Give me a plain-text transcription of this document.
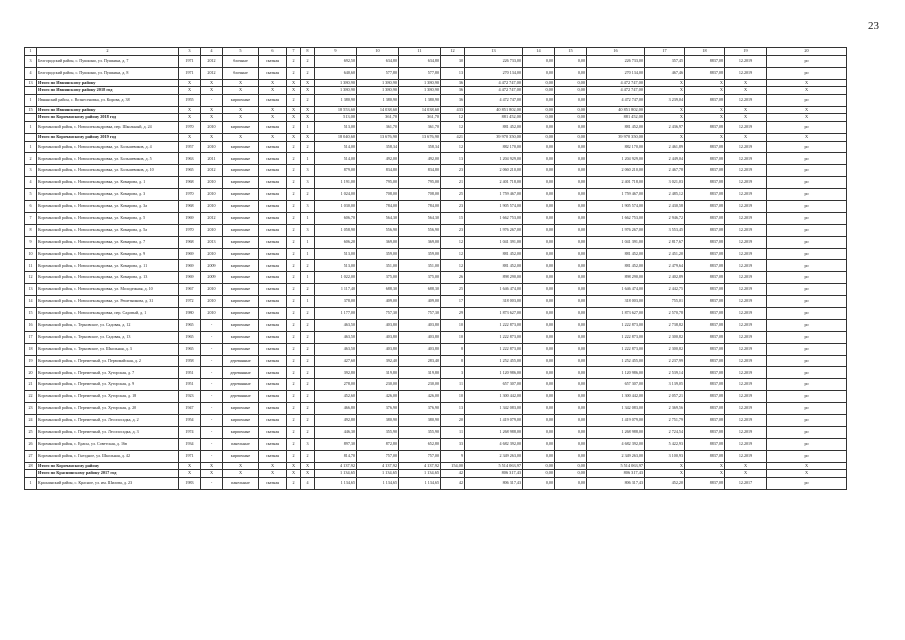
23
1	2	3	4	5	6	7	8	9	10	11	12	13	14	15	16	17	18	19	20
3	Белгородский район, с. Пушкино, ул. Пушкина, д. 7	1971	2012	блочные	скатная	2	2	692,50	634,80	634,80	30	226 733,00	0,00	0,00	226 733,00	357,45	8837,08	12.2019	ро
4	Белгородский район, с. Пушкино, ул. Пушкина, д. 8	1971	2012	блочные	скатная	2	2	640,60	577,80	577,80	13	270 134,00	0,00	0,00	270 134,00	467,46	8837,08	12.2019	ро
13	Итого по Ивнянскому району	X	X	X	X	X	X	1 380,90	1 380,90	1 380,90	36	4 472 747,00	0,00	0,00	4 472 747,00	X	X	X	X
	Итого по Ивнянскому району 2018 год	X	X	X	X	X	X	1 380,90	1 380,90	1 380,90	36	4 472 747,00	0,00	0,00	4 472 747,00	X	X	X	X
1	Ивнянский район, с. Вознесеновка, ул. Кирова, д. 38	1955	-	кирпичные	скатная	2	2	1 380,90	1 380,90	1 380,90	36	4 472 747,00	0,00	0,00	4 472 747,00	3 239,04	8837,08	12.2019	ро
15	Итого по Ивнянскому району	X	X	X	X	X	X	18 553,60	14 038,60	14 038,60	433	40 851 802,00	0,00	0,00	40 851 802,00	X	X	X	X
	Итого по Корочанскому району 2018 год	X	X	X	X	X	X	513,00	361,70	361,70	12	881 452,00	0,00	0,00	881 452,00	X	X	X	X
1	Корочанский район, с. Новоалександровка, пер. Школьный, д. 24	1970	2010	кирпичные	скатная	2	1	513,00	361,70	361,70	12	881 452,00	0,00	0,00	881 452,00	2 436,97	8837,08	12.2019	ро
	Итого по Корочанскому району 2019 год	X	X	X	X	X	X	18 040,60	13 676,90	13 676,90	421	39 970 350,00	0,00	0,00	39 970 350,00	X	X	X	X
1	Корочанский район, с. Новоалександровка, ул. Большевиков, д. 4	1957	2010	кирпичные	скатная	2	2	514,00	358,34	358,34	12	882 170,00	0,00	0,00	882 170,00	2 461,89	8837,08	12.2019	ро
2	Корочанский район, с. Новоалександровка, ул. Большевиков, д. 5	1963	2011	кирпичные	скатная	2	1	514,00	492,00	492,00	13	1 204 929,00	0,00	0,00	1 204 929,00	2 449,04	8837,08	12.2019	ро
3	Корочанский район, с. Новоалександровка, ул. Большевиков, д. 10	1965	2012	кирпичные	скатная	2	3	879,00	834,80	834,80	23	2 060 210,00	0,00	0,00	2 060 210,00	2 467,78	8837,08	12.2019	ро
4	Корочанский район, с. Новоалександровка, ул. Комарова, д. 1	1968	2010	кирпичные	скатная	2	3	1 191,00	795,00	795,00	21	2 401 718,00	0,00	0,00	2 401 718,00	3 021,03	8837,08	12.2019	ро
5	Корочанский район, с. Новоалександровка, ул. Комарова, д. 3	1970	2010	кирпичные	скатная	2	2	1 024,00	708,00	708,00	25	1 759 467,00	0,00	0,00	1 759 467,00	2 485,12	8837,08	12.2019	ро
6	Корочанский район, с. Новоалександровка, ул. Комарова, д. 3а	1968	2010	кирпичные	скатная	2	3	1 030,00	784,00	784,00	23	1 905 574,00	0,00	0,00	1 905 574,00	2 430,58	8837,08	12.2019	ро
7	Корочанский район, с. Новоалександровка, ул. Комарова, д. 5	1969	2012	кирпичные	скатная	2	1	606,70	564,30	564,30	15	1 662 753,00	0,00	0,00	1 662 753,00	2 946,72	8837,08	12.2019	ро
8	Корочанский район, с. Новоалександровка, ул. Комарова, д. 5а	1970	2010	кирпичные	скатная	2	3	1 058,90	556,90	556,90	23	1 976 267,00	0,00	0,00	1 976 267,00	3 553,45	8837,08	12.2019	ро
9	Корочанский район, с. Новоалександровка, ул. Комарова, д. 7	1968	2013	кирпичные	скатная	2	1	606,20	369,00	369,00	12	1 041 391,00	0,00	0,00	1 041 391,00	2 817,67	8837,08	12.2019	ро
10	Корочанский район, с. Новоалександровка, ул. Комарова, д. 9	1969	2010	кирпичные	скатная	2	1	513,00	359,00	359,00	12	881 452,00	0,00	0,00	881 452,00	2 451,20	8837,08	12.2019	ро
11	Корочанский район, с. Новоалександровка, ул. Комарова, д. 11	1969	2009	кирпичные	скатная	2	2	513,00	351,00	351,00	12	881 452,00	0,00	0,00	881 452,00	2 479,64	8837,08	12.2019	ро
12	Корочанский район, с. Новоалександровка, ул. Комарова, д. 13	1969	2009	кирпичные	скатная	2	1	1 022,00	375,00	375,00	26	898 290,00	0,00	0,00	898 290,00	2 402,89	8837,08	12.2019	ро
13	Корочанский район, с. Новоалександровка, ул. Молодежная, д. 10	1967	2010	кирпичные	скатная	2	2	1 117,40	688,30	688,30	25	1 646 474,00	0,00	0,00	1 646 474,00	2 442,75	8837,08	12.2019	ро
14	Корочанский район, с. Новоалександровка, ул. Решетникова, д. 31	1972	2010	кирпичные	скатная	2	1	378,00	409,00	409,00	17	318 003,00	0,00	0,00	318 003,00	755,01	8837,08	12.2019	ро
15	Корочанский район, с. Новоалександровка, пер. Садовый, д. 1	1980	2010	кирпичные	скатная	2	2	1 177,00	757,30	757,30	29	1 873 627,00	0,00	0,00	1 873 627,00	2 570,78	8837,08	12.2019	ро
16	Корочанский район, с. Терновское, ул. Садовая, д. 12	1965	-	кирпичные	скатная	2	2	463,50	403,80	403,80	10	1 222 873,00	0,00	0,00	1 222 873,00	2 738,82	8837,08	12.2019	ро
17	Корочанский район, с. Терновское, ул. Садовая, д. 13	1965	-	кирпичные	скатная	2	2	463,50	403,80	403,80	10	1 222 873,00	0,00	0,00	1 222 873,00	2 300,82	8837,08	12.2019	ро
18	Корочанский район, с. Терновское, ул. Школьная, д. 3	1965	-	кирпичные	скатная	2	2	463,50	403,80	403,80	8	1 222 873,00	0,00	0,00	1 222 873,00	2 300,82	8837,08	12.2019	ро
19	Корочанский район, с. Переметный, ул. Первомайская, д. 2	1958	-	деревянные	скатная	2	2	427,60	392,40	283,40	8	1 252 455,00	0,00	0,00	1 252 455,00	2 237,99	8837,08	12.2019	ро
20	Корочанский район, с. Переметный, ул. Хуторская, д. 7	1951	-	деревянные	скатная	2	2	392,80	319,80	319,80	3	1 120 986,00	0,00	0,00	1 120 986,00	2 539,14	8837,08	12.2019	ро
21	Корочанский район, с. Переметный, ул. Хуторская, д. 9	1951	-	деревянные	скатная	2	2	278,00	230,00	230,00	11	657 307,00	0,00	0,00	657 307,00	3 139,05	8837,08	12.2019	ро
22	Корочанский район, с. Переметный, ул. Хуторская, д. 18	1923	-	деревянные	скатная	2	2	452,60	426,00	426,00	10	1 300 442,00	0,00	0,00	1 300 442,00	2 057,21	8837,08	12.2019	ро
23	Корочанский район, с. Переметный, ул. Хуторская, д. 20	1947	-	кирпичные	скатная	2	2	466,80	376,90	376,90	13	1 342 083,00	0,00	0,00	1 342 083,00	2 369,56	8837,08	12.2019	ро
24	Корочанский район, с. Переметный, ул. Лесопосадка, д. 2	1954	-	кирпичные	скатная	2	2	492,80	380,90	380,90	20	1 419 079,00	0,00	0,00	1 419 079,00	2 751,79	8837,08	12.2019	ро
25	Корочанский район, с. Переметный, ул. Лесопосадка, д. 3	1974	-	кирпичные	скатная	2	2	446,30	355,90	355,90	11	1 268 988,00	0,00	0,00	1 268 988,00	2 724,54	8837,08	12.2019	ро
26	Корочанский район, с. Ерасы, ул. Советская, д. 16в	1934	-	панельные	скатная	2	3	897,30	872,80	652,80	33	4 682 392,00	0,00	0,00	4 682 392,00	5 422,93	8837,08	12.2019	ро
27	Корочанский район, с. Гнездное, ул. Школьная, д. 42	1971	-	кирпичные	скатная	2	2	814,70	757,00	757,00	9	2 349 263,00	0,00	0,00	2 349 263,00	3 100,93	8837,08	12.2019	ро
28	Итого по Корочанскому району	X	X	X	X	X	X	4 137,92	4 137,92	4 137,92	154,00	5 514 063,97	0,00	0,00	5 514 063,97	X	X	X	X
	Итого по Краснинскому району 2017 год	X	X	X	X	X	X	1 134,65	1 134,65	1 134,65	42	806 317,43	0,00	0,00	806 317,43	X	X	X	X
1	Краснинский район, с. Красное, ул. им. Шилова, д. 23	1983	-	панельные	скатная	2	4	1 134,65	1 134,65	1 134,65	42	806 317,43	0,00	0,00	806 317,43	452,20	8837,08	12.2017	ро
